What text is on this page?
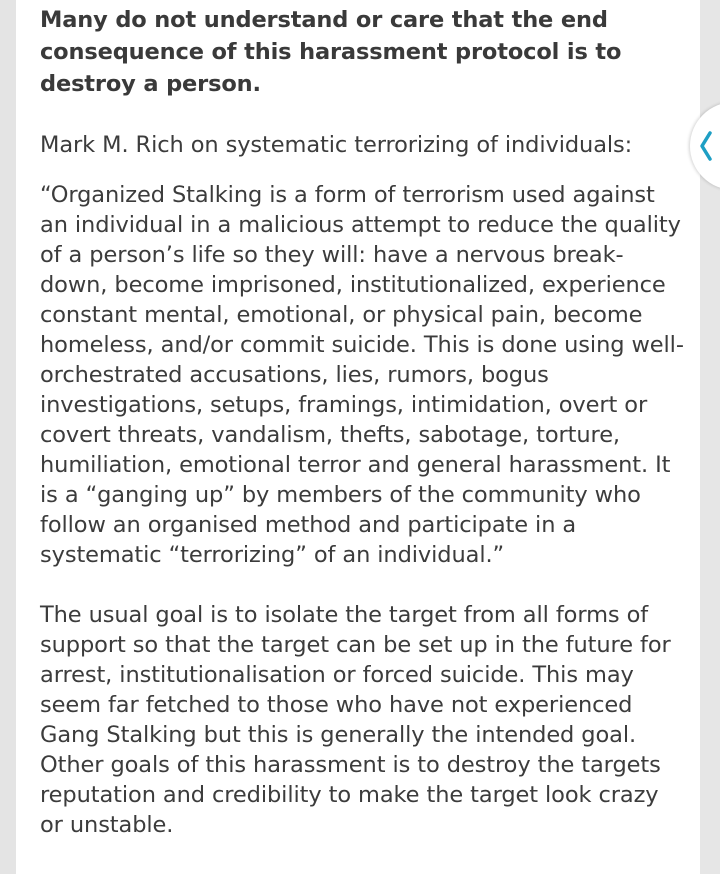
Many do not understand or care that the end consequence of this harassment protocol is to destroy a person.

Mark M. Rich on systematic terrorizing of individuals:

“Organized Stalking is a form of terrorism used against an individual in a malicious attempt to reduce the quality of a person’s life so they will: have a nervous break-down, become imprisoned, institutionalized, experience constant mental, emotional, or physical pain, become homeless, and/or commit suicide. This is done using well-orchestrated accusations, lies, rumors, bogus investigations, setups, framings, intimidation, overt or covert threats, vandalism, thefts, sabotage, torture, humiliation, emotional terror and general harassment. It is a “ganging up” by members of the community who follow an organised method and participate in a systematic “terrorizing” of an individual.”

The usual goal is to isolate the target from all forms of support so that the target can be set up in the future for arrest, institutionalisation or forced suicide. This may seem far fetched to those who have not experienced Gang Stalking but this is generally the intended goal. Other goals of this harassment is to destroy the targets reputation and credibility to make the target look crazy or unstable.
